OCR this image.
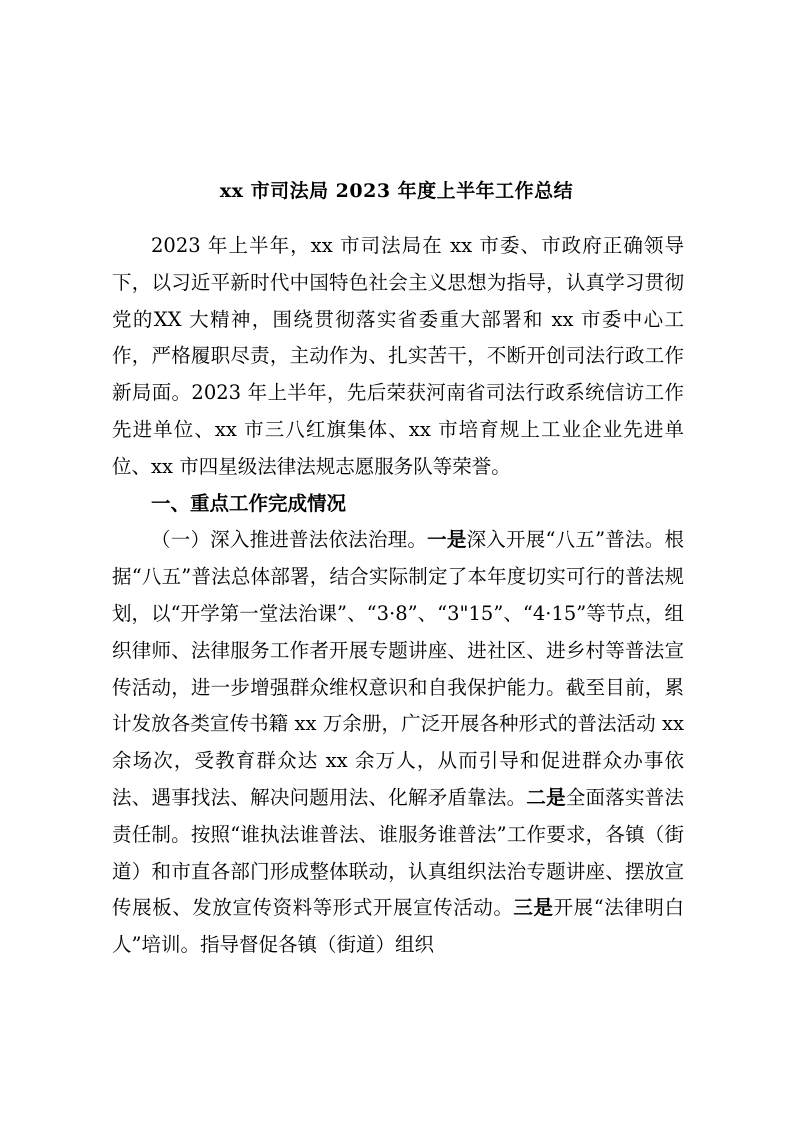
xx 市司法局 2023 年度上半年工作总结

2023 年上半年，xx 市司法局在 xx 市委、市政府正确领导下，以习近平新时代中国特色社会主义思想为指导，认真学习贯彻党的XX 大精神，围绕贯彻落实省委重大部署和 xx 市委中心工作，严格履职尽责，主动作为、扎实苦干，不断开创司法行政工作新局面。2023 年上半年，先后荣获河南省司法行政系统信访工作先进单位、xx 市三八红旗集体、xx 市培育规上工业企业先进单位、xx 市四星级法律法规志愿服务队等荣誉。

一、重点工作完成情况

（一）深入推进普法依法治理。一是深入开展“八五”普法。根据“八五”普法总体部署，结合实际制定了本年度切实可行的普法规划，以“开学第一堂法治课”、“3·8”、“3"15”、“4·15”等节点，组织律师、法律服务工作者开展专题讲座、进社区、进乡村等普法宣传活动，进一步增强群众维权意识和自我保护能力。截至目前，累计发放各类宣传书籍 xx 万余册，广泛开展各种形式的普法活动 xx 余场次，受教育群众达 xx 余万人，从而引导和促进群众办事依法、遇事找法、解决问题用法、化解矛盾靠法。二是全面落实普法责任制。按照“谁执法谁普法、谁服务谁普法”工作要求，各镇（街道）和市直各部门形成整体联动，认真组织法治专题讲座、摆放宣传展板、发放宣传资料等形式开展宣传活动。三是开展“法律明白人”培训。指导督促各镇（街道）组织
